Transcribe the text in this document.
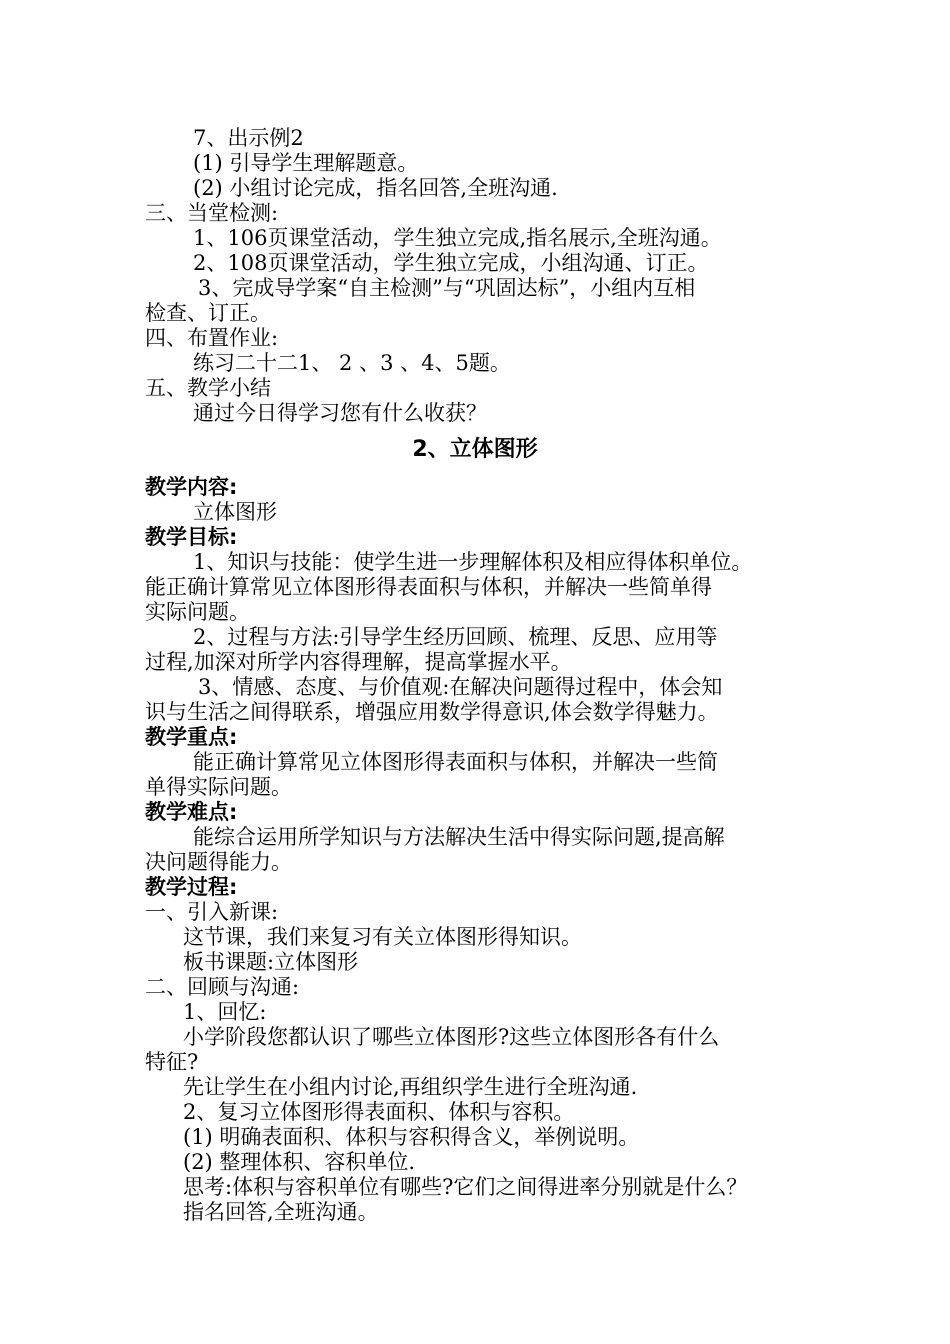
7、出示例2
(1) 引导学生理解题意。
(2) 小组讨论完成，指名回答,全班沟通.
三、当堂检测:
1、106页课堂活动，学生独立完成,指名展示,全班沟通。
2、108页课堂活动，学生独立完成，小组沟通、订正。
3、完成导学案“自主检测”与“巩固达标”，小组内互相
检查、订正。
四、布置作业:
练习二十二1、 2 、3 、4、5题。
五、教学小结
通过今日得学习您有什么收获？
2、立体图形
教学内容:
立体图形
教学目标:
1、知识与技能：使学生进一步理解体积及相应得体积单位。
能正确计算常见立体图形得表面积与体积，并解决一些简单得
实际问题。
2、过程与方法:引导学生经历回顾、梳理、反思、应用等
过程,加深对所学内容得理解，提高掌握水平。
3、情感、态度、与价值观:在解决问题得过程中，体会知
识与生活之间得联系，增强应用数学得意识,体会数学得魅力。
教学重点:
能正确计算常见立体图形得表面积与体积，并解决一些简
单得实际问题。
教学难点:
能综合运用所学知识与方法解决生活中得实际问题,提高解
决问题得能力。
教学过程:
一、引入新课:
这节课，我们来复习有关立体图形得知识。
板书课题:立体图形
二、回顾与沟通:
1、回忆:
小学阶段您都认识了哪些立体图形?这些立体图形各有什么
特征?
先让学生在小组内讨论,再组织学生进行全班沟通.
2、复习立体图形得表面积、体积与容积。
(1) 明确表面积、体积与容积得含义，举例说明。
(2) 整理体积、容积单位.
思考:体积与容积单位有哪些?它们之间得进率分别就是什么？
指名回答,全班沟通。
